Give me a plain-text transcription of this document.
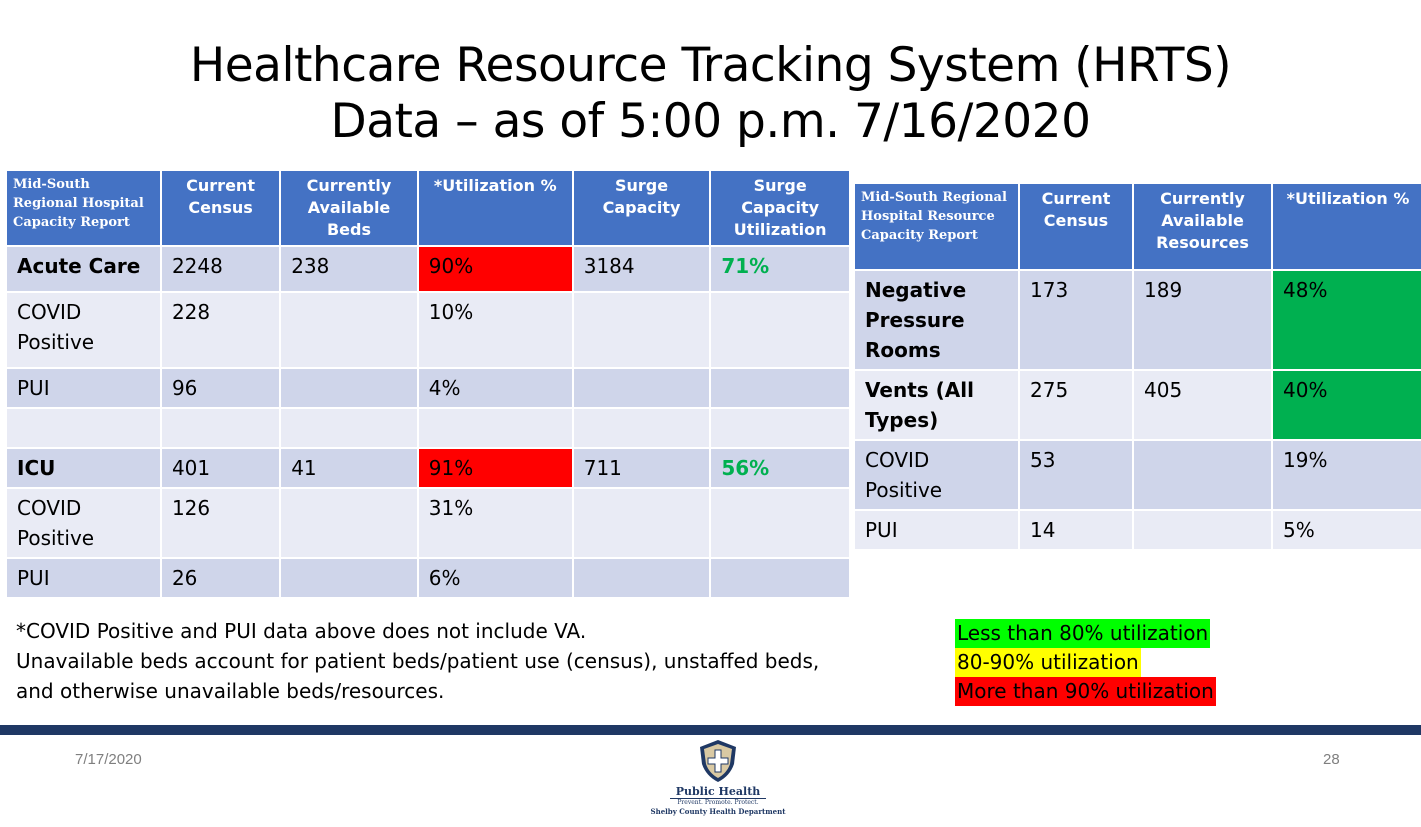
Healthcare Resource Tracking System (HRTS)
Data – as of 5:00 p.m. 7/16/2020
Mid-South Regional Hospital Capacity Report	Current Census	Currently Available Beds	*Utilization %	Surge Capacity	Surge Capacity Utilization
Acute Care	2248	238	90%	3184	71%
COVID Positive	228		10%		
PUI	96		4%		

ICU	401	41	91%	711	56%
COVID Positive	126		31%		
PUI	26		6%		
Mid-South Regional Hospital Resource Capacity Report	Current Census	Currently Available Resources	*Utilization %
Negative Pressure Rooms	173	189	48%
Vents (All Types)	275	405	40%
COVID Positive	53		19%
PUI	14		5%
*COVID Positive and PUI data above does not include VA.
Unavailable beds account for patient beds/patient use (census), unstaffed beds,
and otherwise unavailable beds/resources.
Less than 80% utilization
80-90% utilization
More than 90% utilization
7/17/2020	28
Public Health
Prevent. Promote. Protect.
Shelby County Health Department
